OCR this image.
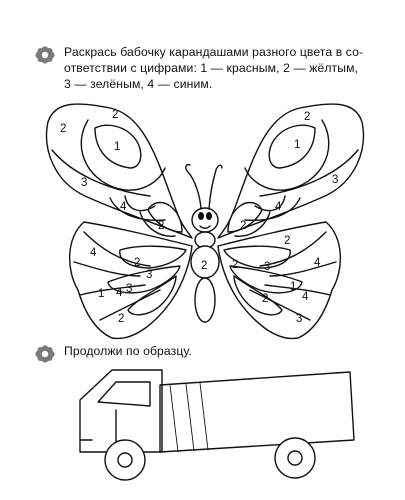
Раскрась бабочку карандашами разного цвета в со-
ответствии с цифрами: 1 — красным, 2 — жёлтым,
3 — зелёным, 4 — синим.
Продолжи по образцу.
2
2
1
3
4
2
4
3
1 4
2
3
2
2 2
2
1
2
4
3
2
4
3
1
4
2
3
